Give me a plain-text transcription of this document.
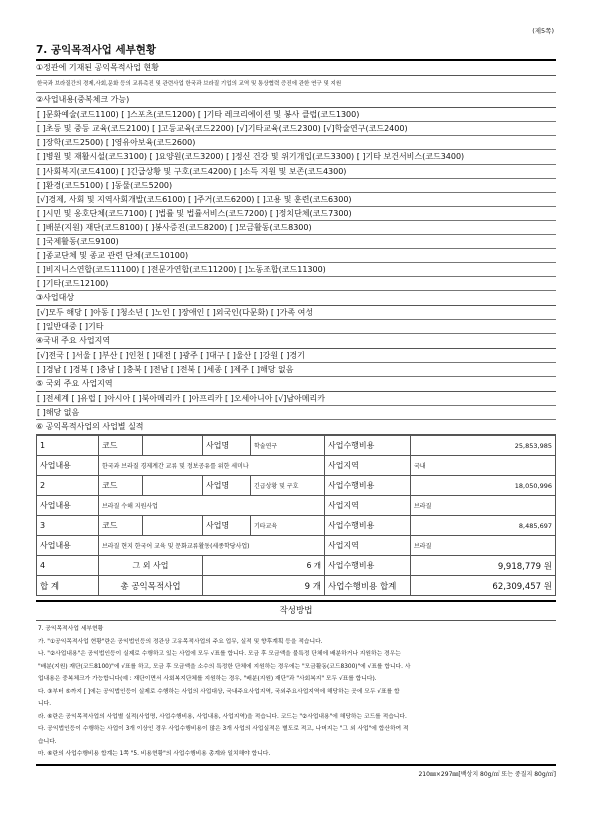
(제5쪽)
7. 공익목적사업 세부현황
①정관에 기재된 공익목적사업 현황
한국과 브라질간의 경제,사회,문화 등의 교류촉진 및 관련사업 한국과 브라질 기업의 교역 및 통상협력 증진에 관한 연구 및 지원
②사업내용(중복체크 가능)
[ ]문화예술(코드1100) [ ]스포츠(코드1200) [ ]기타 레크리에이션 및 봉사 클럽(코드1300)
[ ]초등 및 중등 교육(코드2100) [ ]고등교육(코드2200) [√]기타교육(코드2300) [√]학술연구(코드2400)
[ ]장학(코드2500) [ ]영유아보육(코드2600)
[ ]병원 및 재활시설(코드3100) [ ]요양원(코드3200) [ ]정신 건강 및 위기개입(코드3300) [ ]기타 보건서비스(코드3400)
[ ]사회복지(코드4100) [ ]긴급상황 및 구호(코드4200) [ ]소득 지원 및 보존(코드4300)
[ ]환경(코드5100) [ ]동물(코드5200)
[√]경제, 사회 및 지역사회개발(코드6100) [ ]주거(코드6200) [ ]고용 및 훈련(코드6300)
[ ]시민 및 옹호단체(코드7100) [ ]법률 및 법률서비스(코드7200) [ ]정치단체(코드7300)
[ ]배분(지원) 재단(코드8100) [ ]봉사증진(코드8200) [ ]모금활동(코드8300)
[ ]국제활동(코드9100)
[ ]종교단체 및 종교 관련 단체(코드10100)
[ ]비지니스연합(코드11100) [ ]전문가연합(코드11200) [ ]노동조합(코드11300)
[ ]기타(코드12100)
③사업대상
[√]모두 해당 [ ]아동 [ ]청소년 [ ]노인 [ ]장애인 [ ]외국인(다문화) [ ]가족 여성
[ ]일반대중 [ ]기타
④국내 주요 사업지역
[√]전국 [ ]서울 [ ]부산 [ ]인천 [ ]대전 [ ]광주 [ ]대구 [ ]울산 [ ]강원 [ ]경기
[ ]경남 [ ]경북 [ ]충남 [ ]충북 [ ]전남 [ ]전북 [ ]세종 [ ]제주 [ ]해당 없음
⑤ 국외 주요 사업지역
[ ]전세계 [ ]유럽 [ ]아시아 [ ]북아메리카 [ ]아프리카 [ ]오세아니아 [√]남아메리카
[ ]해당 없음
⑥ 공익목적사업의 사업별 실적
1	코드		사업명	학술연구	사업수행비용	25,853,985
사업내용	한국과 브라질 경제계간 교류 및 정보공유를 위한 세미나				사업지역	국내
2	코드		사업명	긴급상황 및 구호	사업수행비용	18,050,996
사업내용	브라질 수해 지원사업				사업지역	브라질
3	코드		사업명	기타교육	사업수행비용	8,485,697
사업내용	브라질 현지 한국어 교육 및 문화교류활동(세종학당사업)				사업지역	브라질
4	그 외 사업		6 개		사업수행비용	9,918,779 원
합 계	총 공익목적사업		9 개		사업수행비용 합계	62,309,457 원
작성방법
7. 공익목적사업 세부현황
가. "①공익목적사업 현황"란은 공익법인등의 정관상 고유목적사업의 주요 업무, 실적 및 향후계획 등을 적습니다.
나. "②사업내용"은 공익법인등이 실제로 수행하고 있는 사업에 모두 √표를 합니다. 모금 후 모금액을 불특정 단체에 배분하거나 지원하는 경우는
"배분(지원) 재단(코드8100)"에 √표를 하고, 모금 후 모금액을 소수의 특정한 단체에 지원하는 경우에는 "모금활동(코드8300)"에 √표를 합니다. 사
업내용은 중복체크가 가능합니다(예 : 재단이면서 사회복지단체를 지원하는 경우, "배분(지원) 재단"과 "사회복지" 모두 √표를 합니다).
다. ③부터 ⑤까지 [ ]에는 공익법인등이 실제로 수행하는 사업의 사업대상, 국내주요사업지역, 국외주요사업지역에 해당하는 곳에 모두 √표를 합
니다.
라. ⑥란은 공익목적사업의 사업별 실적(사업명, 사업수행비용, 사업내용, 사업지역)을 적습니다. 코드는 "②사업내용"에 해당하는 코드를 적습니다.
다. 공익법인등이 수행하는 사업이 3개 이상인 경우 사업수행비용이 많은 3개 사업의 사업실적은 별도로 적고, 나머지는 "그 외 사업"에 합산하여 적
습니다.
마. ⑥란의 사업수행비용 합계는 1쪽 "5. 비용현황"의 사업수행비용 총계와 일치해야 합니다.
210㎜×297㎜[백상지 80g/㎡ 또는 중질지 80g/㎡]
